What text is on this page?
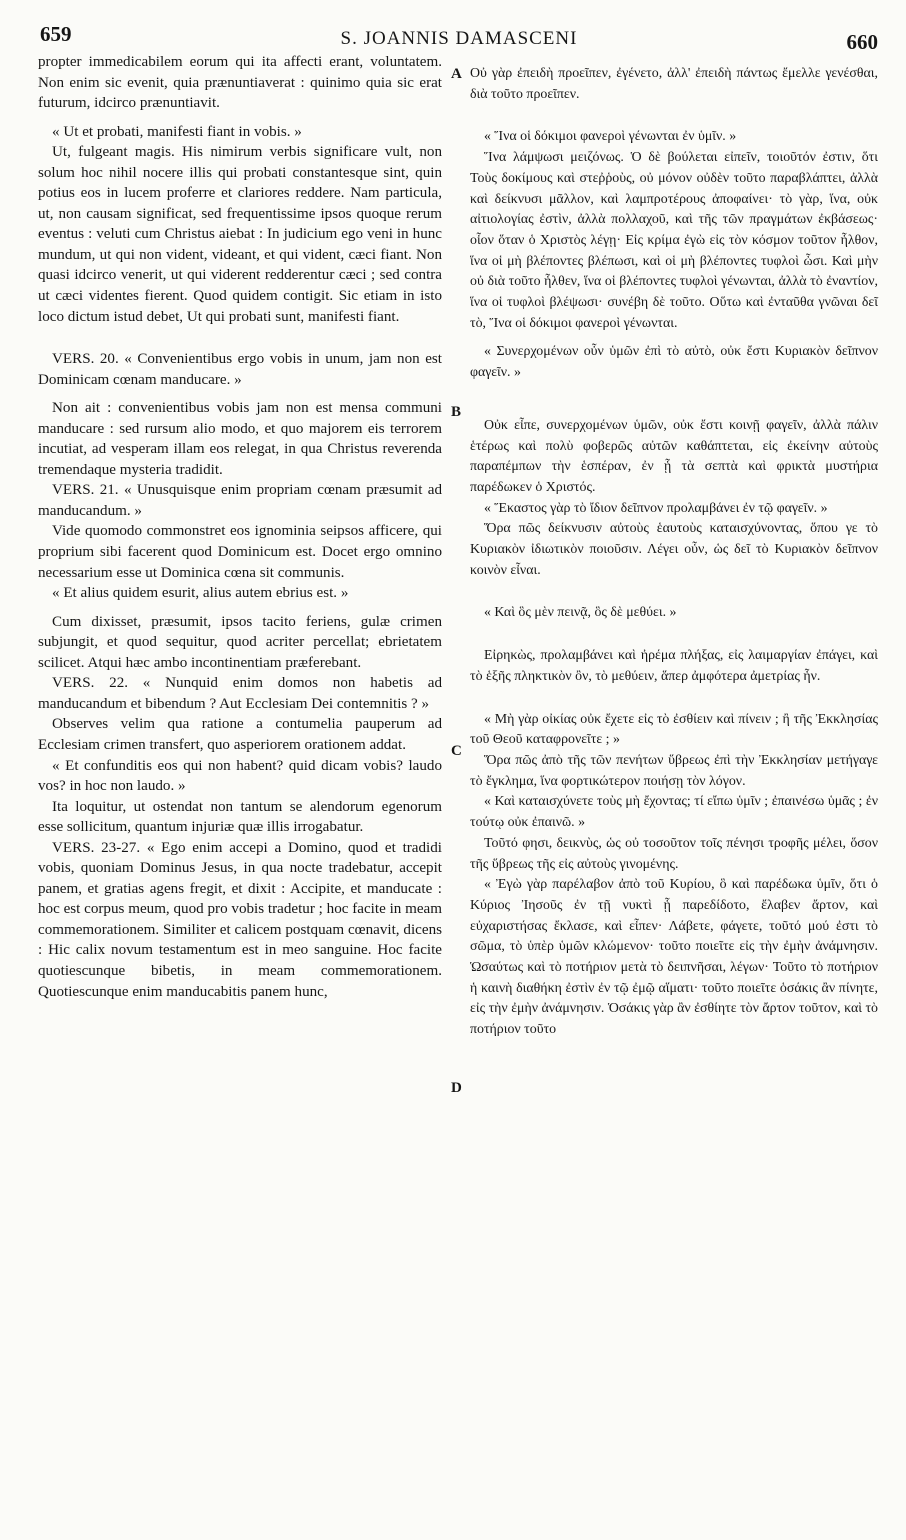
659	S. JOANNIS DAMASCENI	660
A
B
C
D

propter immedicabilem eorum qui ita affecti erant, voluntatem. Non enim sic evenit, quia prænuntiaverat : quinimo quia sic erat futurum, idcirco prænuntiavit.

« Ut et probati, manifesti fiant in vobis. »

Ut, fulgeant magis. His nimirum verbis significare vult, non solum hoc nihil nocere illis qui probati constantesque sint, quin potius eos in lucem proferre et clariores reddere. Nam particula, ut, non causam significat, sed frequentissime ipsos quoque rerum eventus : veluti cum Christus aiebat : In judicium ego veni in hunc mundum, ut qui non vident, videant, et qui vident, cæci fiant. Non quasi idcirco venerit, ut qui viderent redderentur cæci ; sed contra ut cæci videntes fierent. Quod quidem contigit. Sic etiam in isto loco dictum istud debet, Ut qui probati sunt, manifesti fiant.

VERS. 20. « Convenientibus ergo vobis in unum, jam non est Dominicam cœnam manducare. »

Non ait : convenientibus vobis jam non est mensa communi manducare : sed rursum alio modo, et quo majorem eis terrorem incutiat, ad vesperam illam eos relegat, in qua Christus reverenda tremendaque mysteria tradidit.

VERS. 21. « Unusquisque enim propriam cœnam præsumit ad manducandum. »

Vide quomodo commonstret eos ignominia seipsos afficere, qui proprium sibi facerent quod Dominicum est. Docet ergo omnino necessarium esse ut Dominica cœna sit communis.

« Et alius quidem esurit, alius autem ebrius est. »

Cum dixisset, præsumit, ipsos tacito feriens, gulæ crimen subjungit, et quod sequitur, quod acriter percellat; ebrietatem scilicet. Atqui hæc ambo incontinentiam præferebant.

VERS. 22. « Nunquid enim domos non habetis ad manducandum et bibendum ? Aut Ecclesiam Dei contemnitis ? »

Observes velim qua ratione a contumelia pauperum ad Ecclesiam crimen transfert, quo asperiorem orationem addat.

« Et confunditis eos qui non habent? quid dicam vobis? laudo vos? in hoc non laudo. »

Ita loquitur, ut ostendat non tantum se alendorum egenorum esse sollicitum, quantum injuriæ quæ illis irrogabatur.

VERS. 23-27. « Ego enim accepi a Domino, quod et tradidi vobis, quoniam Dominus Jesus, in qua nocte tradebatur, accepit panem, et gratias agens fregit, et dixit : Accipite, et manducate : hoc est corpus meum, quod pro vobis tradetur ; hoc facite in meam commemorationem. Similiter et calicem postquam cœnavit, dicens : Hic calix novum testamentum est in meo sanguine. Hoc facite quotiescunque bibetis, in meam commemorationem. Quotiescunque enim manducabitis panem hunc,

Οὐ γὰρ ἐπειδὴ προεῖπεν, ἐγένετο, ἀλλ' ἐπειδὴ πάντως ἔμελλε γενέσθαι, διὰ τοῦτο προεῖπεν.

« Ἵνα οἱ δόκιμοι φανεροὶ γένωνται ἐν ὑμῖν. »

Ἵνα λάμψωσι μειζόνως. Ὁ δὲ βούλεται εἰπεῖν, τοιοῦτόν ἐστιν, ὅτι Τοὺς δοκίμους καὶ στεῤῥοὺς, οὐ μόνον οὐδὲν τοῦτο παραβλάπτει, ἀλλὰ καὶ δείκνυσι μᾶλλον, καὶ λαμπροτέρους ἀποφαίνει· τὸ γὰρ, ἵνα, οὐκ αἰτιολογίας ἐστὶν, ἀλλὰ πολλαχοῦ, καὶ τῆς τῶν πραγμάτων ἐκβάσεως· οἷον ὅταν ὁ Χριστὸς λέγῃ· Εἰς κρίμα ἐγὼ εἰς τὸν κόσμον τοῦτον ἦλθον, ἵνα οἱ μὴ βλέποντες βλέπωσι, καὶ οἱ μὴ βλέποντες τυφλοὶ ὦσι. Καὶ μὴν οὐ διὰ τοῦτο ἦλθεν, ἵνα οἱ βλέποντες τυφλοὶ γένωνται, ἀλλὰ τὸ ἐναντίον, ἵνα οἱ τυφλοὶ βλέψωσι· συνέβη δὲ τοῦτο. Οὕτω καὶ ἐνταῦθα γνῶναι δεῖ τὸ, Ἵνα οἱ δόκιμοι φανεροὶ γένωνται.

« Συνερχομένων οὖν ὑμῶν ἐπὶ τὸ αὐτὸ, οὐκ ἔστι Κυριακὸν δεῖπνον φαγεῖν. »

Οὐκ εἶπε, συνερχομένων ὑμῶν, οὐκ ἔστι κοινῇ φαγεῖν, ἀλλὰ πάλιν ἑτέρως καὶ πολὺ φοβερῶς αὐτῶν καθάπτεται, εἰς ἐκείνην αὐτοὺς παραπέμπων τὴν ἑσπέραν, ἐν ᾗ τὰ σεπτὰ καὶ φρικτὰ μυστήρια παρέδωκεν ὁ Χριστός.

« Ἕκαστος γὰρ τὸ ἴδιον δεῖπνον προλαμβάνει ἐν τῷ φαγεῖν. »

Ὅρα πῶς δείκνυσιν αὐτοὺς ἑαυτοὺς καταισχύνοντας, ὅπου γε τὸ Κυριακὸν ἰδιωτικὸν ποιοῦσιν. Λέγει οὖν, ὡς δεῖ τὸ Κυριακὸν δεῖπνον κοινὸν εἶναι.

« Καὶ ὃς μὲν πεινᾷ, ὃς δὲ μεθύει. »

Εἰρηκὼς, προλαμβάνει καὶ ἠρέμα πλήξας, εἰς λαιμαργίαν ἐπάγει, καὶ τὸ ἑξῆς πληκτικὸν ὂν, τὸ μεθύειν, ἅπερ ἀμφότερα ἀμετρίας ἦν.

« Μὴ γὰρ οἰκίας οὐκ ἔχετε εἰς τὸ ἐσθίειν καὶ πίνειν ; ἢ τῆς Ἐκκλησίας τοῦ Θεοῦ καταφρονεῖτε ; »

Ὅρα πῶς ἀπὸ τῆς τῶν πενήτων ὕβρεως ἐπὶ τὴν Ἐκκλησίαν μετήγαγε τὸ ἔγκλημα, ἵνα φορτικώτερον ποιήσῃ τὸν λόγον.

« Καὶ καταισχύνετε τοὺς μὴ ἔχοντας; τί εἴπω ὑμῖν ; ἐπαινέσω ὑμᾶς ; ἐν τούτῳ οὐκ ἐπαινῶ. »

Τοῦτό φησι, δεικνὺς, ὡς οὐ τοσοῦτον τοῖς πένησι τροφῆς μέλει, ὅσον τῆς ὕβρεως τῆς εἰς αὐτοὺς γινομένης.

« Ἐγὼ γὰρ παρέλαβον ἀπὸ τοῦ Κυρίου, ὃ καὶ παρέδωκα ὑμῖν, ὅτι ὁ Κύριος Ἰησοῦς ἐν τῇ νυκτὶ ᾗ παρεδίδοτο, ἔλαβεν ἄρτον, καὶ εὐχαριστήσας ἔκλασε, καὶ εἶπεν· Λάβετε, φάγετε, τοῦτό μού ἐστι τὸ σῶμα, τὸ ὑπὲρ ὑμῶν κλώμενον· τοῦτο ποιεῖτε εἰς τὴν ἐμὴν ἀνάμνησιν. Ὡσαύτως καὶ τὸ ποτήριον μετὰ τὸ δειπνῆσαι, λέγων· Τοῦτο τὸ ποτήριον ἡ καινὴ διαθήκη ἐστὶν ἐν τῷ ἐμῷ αἵματι· τοῦτο ποιεῖτε ὁσάκις ἂν πίνητε, εἰς τὴν ἐμὴν ἀνάμνησιν. Ὁσάκις γὰρ ἂν ἐσθίητε τὸν ἄρτον τοῦτον, καὶ τὸ ποτήριον τοῦτο
